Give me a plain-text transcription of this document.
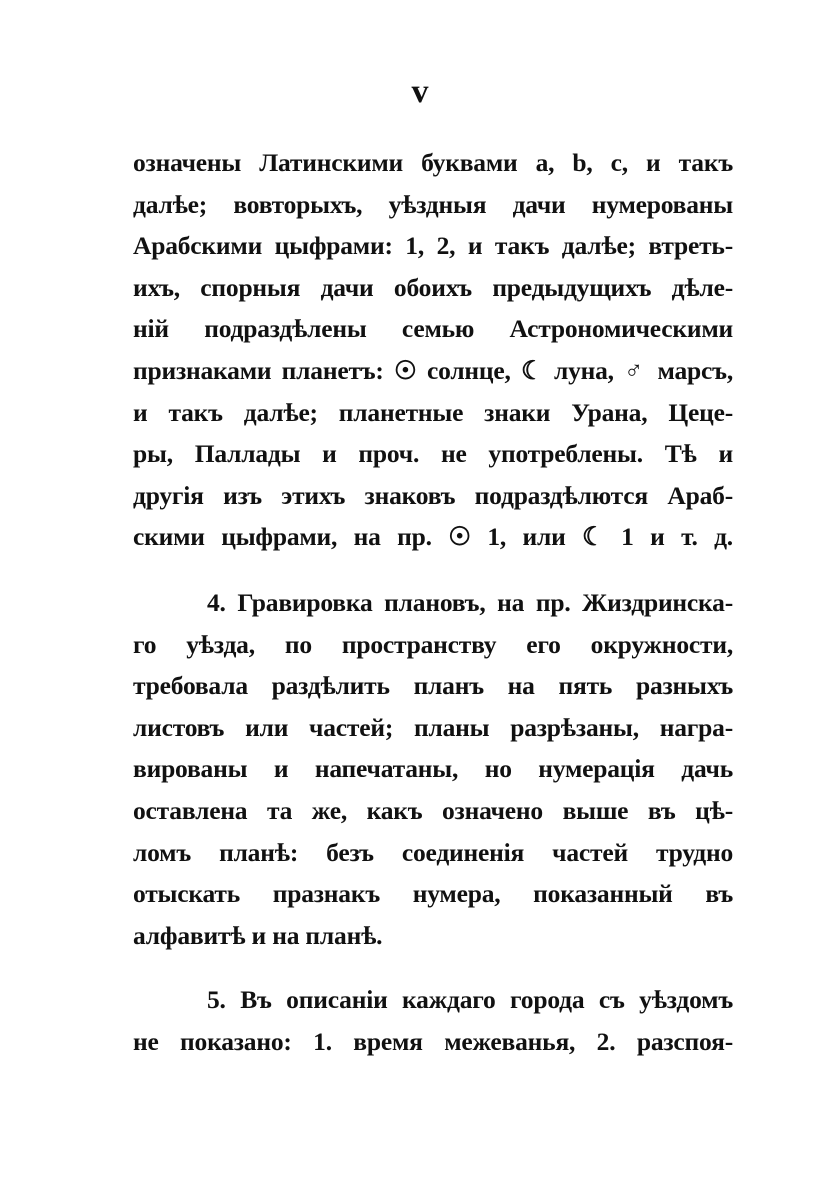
v
означены Латинскими буквами a, b, c, и такъ
далѣе; вовторыхъ, уѣздныя дачи нумерованы
Арабскими цыфрами: 1, 2, и такъ далѣе; втреть-
ихъ, спорныя дачи обоихъ предыдущихъ дѣле-
ній подраздѣлены семью Астрономическими
признаками планетъ: ☉ солнце, ☾ луна, ♂ марсъ,
и такъ далѣе; планетные знаки Урана, Цеце-
ры, Паллады и проч. не употреблены. Тѣ и
другія изъ этихъ знаковъ подраздѣлются Араб-
скими цыфрами, на пр. ☉ 1, или ☾ 1 и т. д.
4. Гравировка плановъ, на пр. Жиздринска-
го уѣзда, по пространству его окружности,
требовала раздѣлить планъ на пять разныхъ
листовъ или частей; планы разрѣзаны, награ-
вированы и напечатаны, но нумерація дачь
оставлена та же, какъ означено выше въ цѣ-
ломъ планѣ: безъ соединенія частей трудно
отыскать празнакъ нумера, показанный въ
алфавитѣ и на планѣ.
5. Въ описаніи каждаго города съ уѣздомъ
не показано: 1. время межеванья, 2. разспоя-
